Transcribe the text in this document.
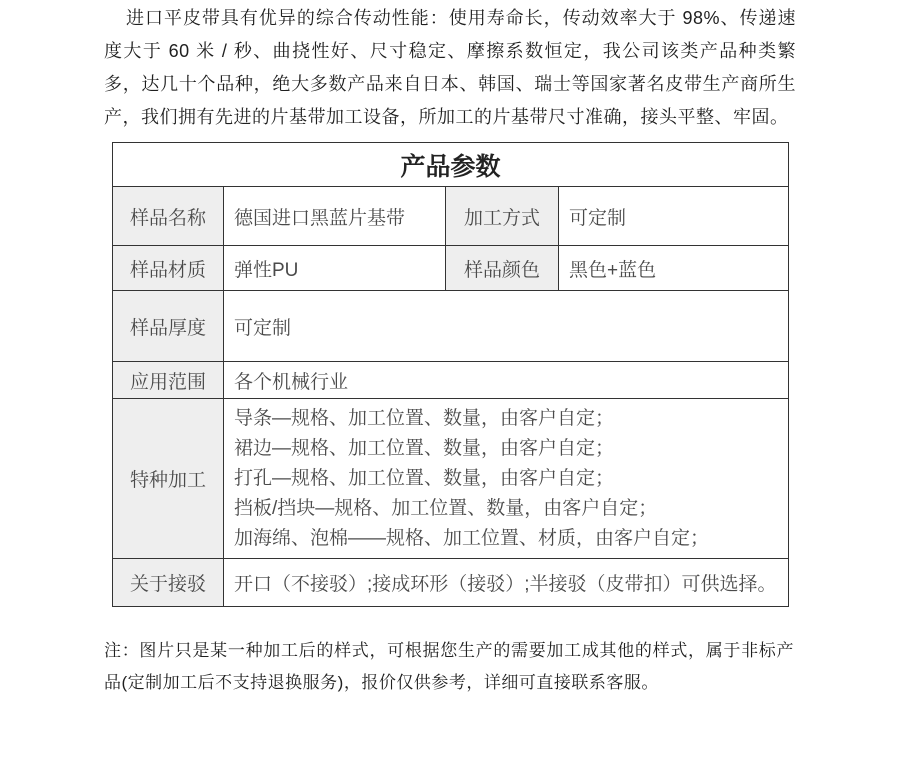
进口平皮带具有优异的综合传动性能：使用寿命长，传动效率大于 98%、传递速度大于 60 米 / 秒、曲挠性好、尺寸稳定、摩擦系数恒定，我公司该类产品种类繁多，达几十个品种，绝大多数产品来自日本、韩国、瑞士等国家著名皮带生产商所生产，我们拥有先进的片基带加工设备，所加工的片基带尺寸准确，接头平整、牢固。

产品参数			
样品名称	德国进口黑蓝片基带	加工方式	可定制
样品材质	弹性PU	样品颜色	黑色+蓝色
样品厚度	可定制		
应用范围	各个机械行业		
特种加工	导条—规格、加工位置、数量，由客户自定；
裙边—规格、加工位置、数量，由客户自定；
打孔—规格、加工位置、数量，由客户自定；
挡板/挡块—规格、加工位置、数量，由客户自定；
加海绵、泡棉——规格、加工位置、材质，由客户自定；		

关于接驳	开口（不接驳）;接成环形（接驳）;半接驳（皮带扣）可供选择。		

注：图片只是某一种加工后的样式，可根据您生产的需要加工成其他的样式，属于非标产品(定制加工后不支持退换服务)，报价仅供参考，详细可直接联系客服。
